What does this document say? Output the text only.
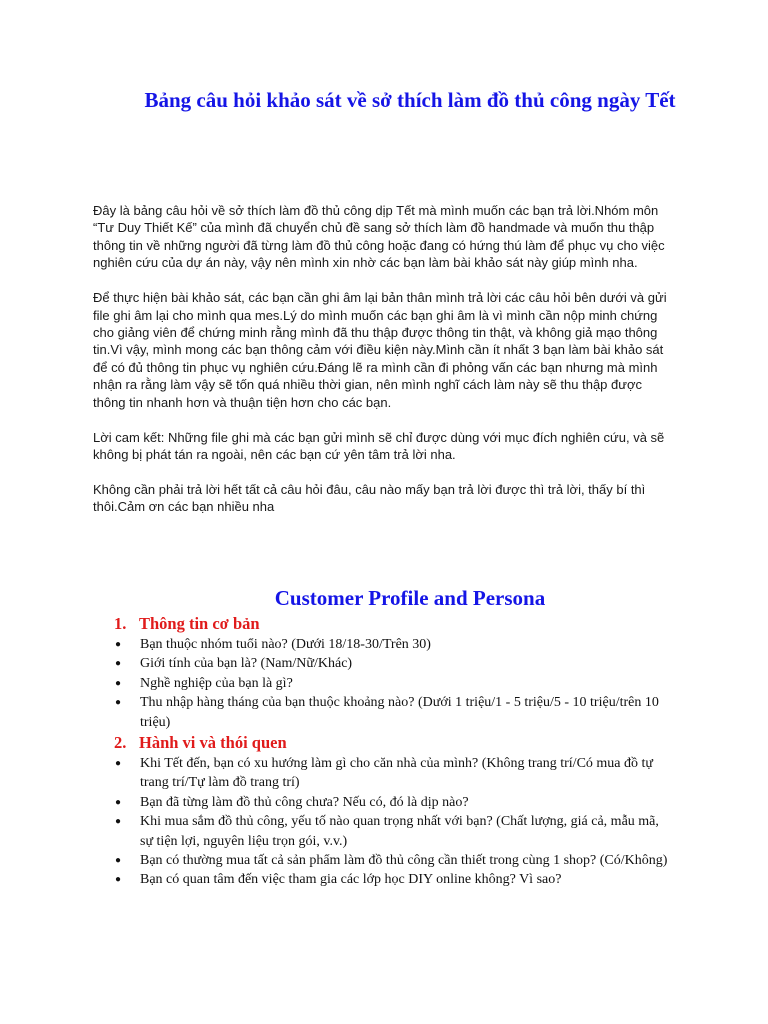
Bảng câu hỏi khảo sát về sở thích làm đồ thủ công ngày Tết

Đây là bảng câu hỏi về sở thích làm đồ thủ công dịp Tết mà mình muốn các bạn trả lời.Nhóm môn “Tư Duy Thiết Kế” của mình đã chuyển chủ đề sang sở thích làm đồ handmade và muốn thu thập thông tin về những người đã từng làm đồ thủ công hoặc đang có hứng thú làm để phục vụ cho việc nghiên cứu của dự án này, vậy nên mình xin nhờ các bạn làm bài khảo sát này giúp mình nha.

Để thực hiện bài khảo sát, các bạn cần ghi âm lại bản thân mình trả lời các câu hỏi bên dưới và gửi file ghi âm lại cho mình qua mes.Lý do mình muốn các bạn ghi âm là vì mình cần nộp minh chứng cho giảng viên để chứng minh rằng mình đã thu thập được thông tin thật, và không giả mạo thông tin.Vì vậy, mình mong các bạn thông cảm với điều kiện này.Mình cần ít nhất 3 bạn làm bài khảo sát để có đủ thông tin phục vụ nghiên cứu.Đáng lẽ ra mình cần đi phỏng vấn các bạn nhưng mà mình nhận ra rằng làm vậy sẽ tốn quá nhiều thời gian, nên mình nghĩ cách làm này sẽ thu thập được thông tin nhanh hơn và thuận tiện hơn cho các bạn.

Lời cam kết: Những file ghi mà các bạn gửi mình sẽ chỉ được dùng với mục đích nghiên cứu, và sẽ không bị phát tán ra ngoài, nên các bạn cứ yên tâm trả lời nha.

Không cần phải trả lời hết tất cả câu hỏi đâu, câu nào mấy bạn trả lời được thì trả lời, thấy bí thì thôi.Cảm ơn các bạn nhiều nha

Customer Profile and Persona
1. Thông tin cơ bản
●	Bạn thuộc nhóm tuổi nào? (Dưới 18/18-30/Trên 30)
●	Giới tính của bạn là? (Nam/Nữ/Khác)
●	Nghề nghiệp của bạn là gì?
●	Thu nhập hàng tháng của bạn thuộc khoảng nào? (Dưới 1 triệu/1 - 5 triệu/5 - 10 triệu/trên 10 triệu)
2. Hành vi và thói quen
●	Khi Tết đến, bạn có xu hướng làm gì cho căn nhà của mình? (Không trang trí/Có mua đồ tự trang trí/Tự làm đồ trang trí)
●	Bạn đã từng làm đồ thủ công chưa? Nếu có, đó là dịp nào?
●	Khi mua sắm đồ thủ công, yếu tố nào quan trọng nhất với bạn? (Chất lượng, giá cả, mẫu mã, sự tiện lợi, nguyên liệu trọn gói, v.v.)
●	Bạn có thường mua tất cả sản phẩm làm đồ thủ công cần thiết trong cùng 1 shop? (Có/Không)
●	Bạn có quan tâm đến việc tham gia các lớp học DIY online không? Vì sao?
